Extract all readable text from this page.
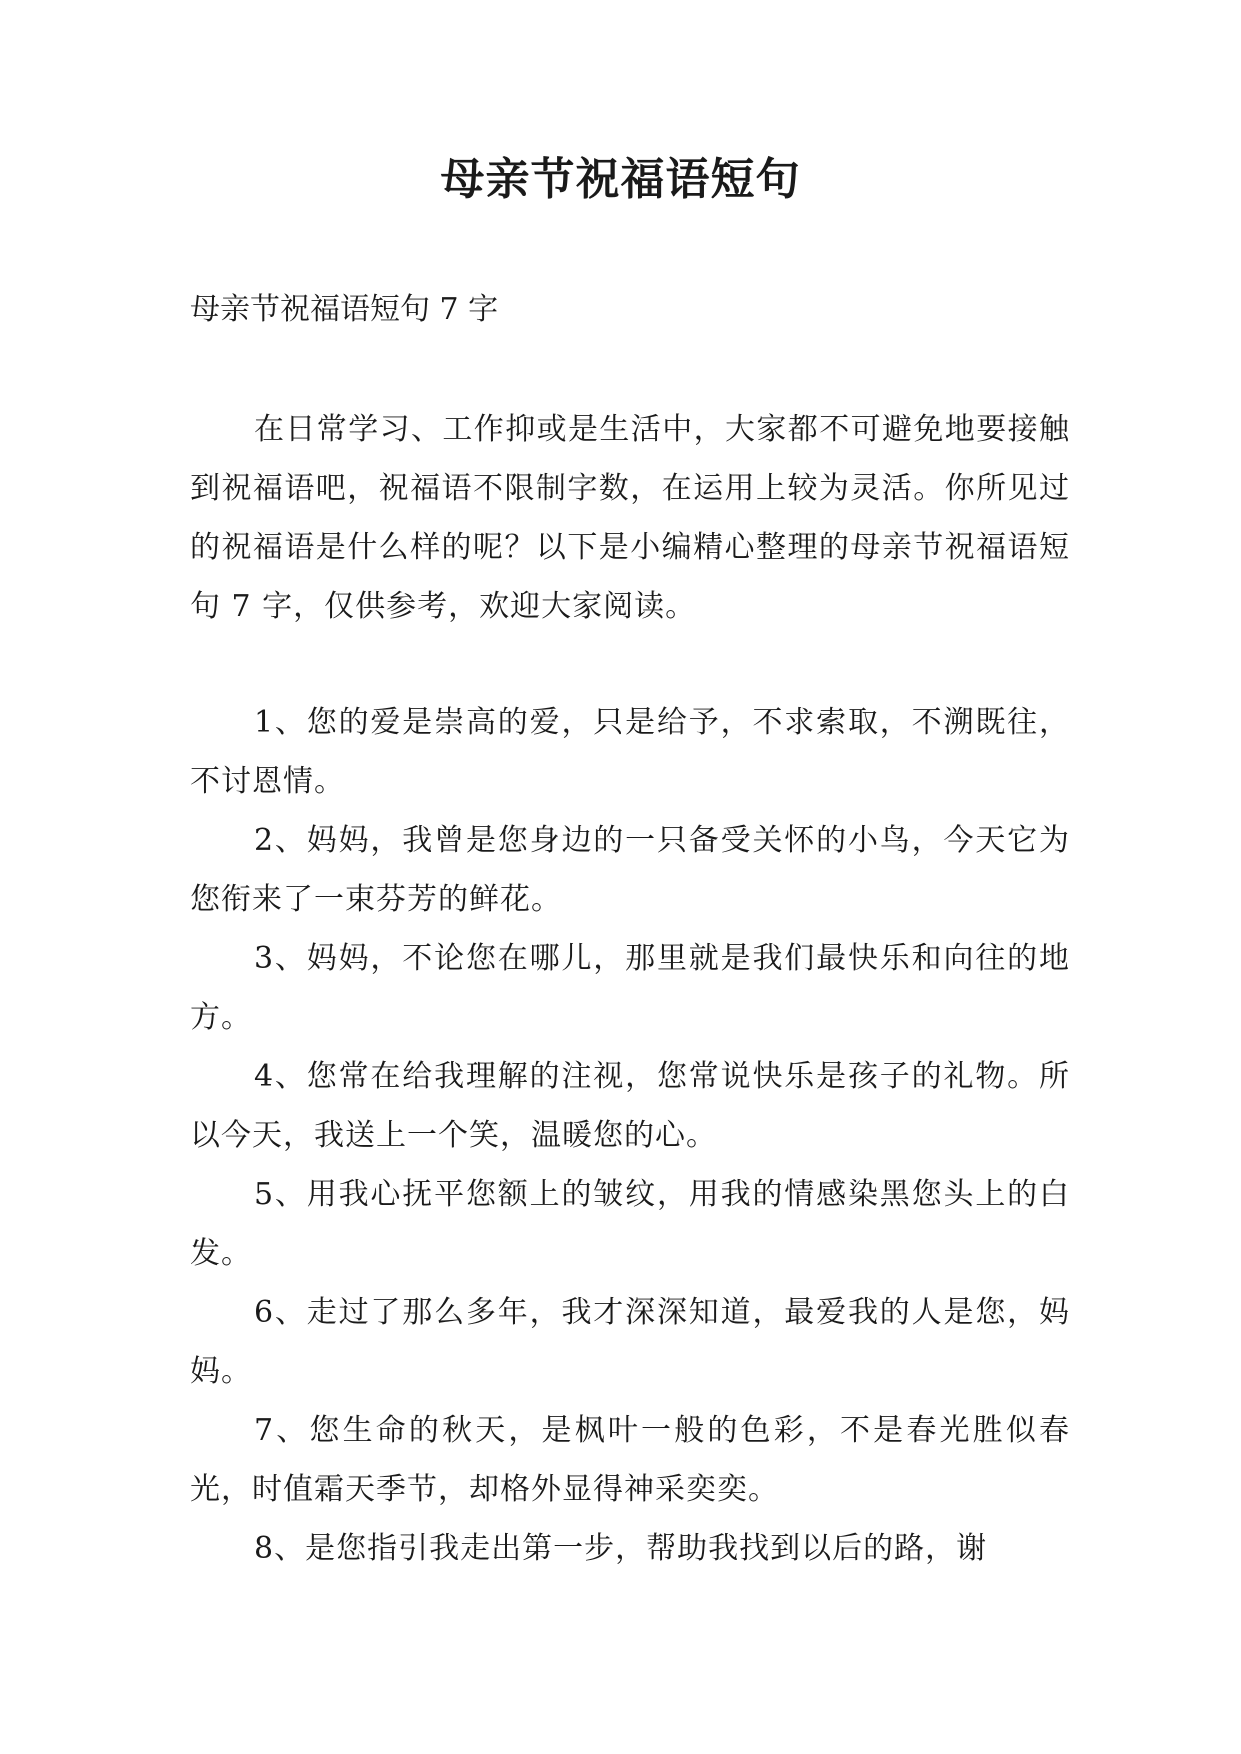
母亲节祝福语短句
母亲节祝福语短句 7 字

在日常学习、工作抑或是生活中，大家都不可避免地要接触到祝福语吧，祝福语不限制字数，在运用上较为灵活。你所见过的祝福语是什么样的呢？以下是小编精心整理的母亲节祝福语短句 7 字，仅供参考，欢迎大家阅读。

1、您的爱是崇高的爱，只是给予，不求索取，不溯既往，不讨恩情。

2、妈妈，我曾是您身边的一只备受关怀的小鸟，今天它为您衔来了一束芬芳的鲜花。

3、妈妈，不论您在哪儿，那里就是我们最快乐和向往的地方。

4、您常在给我理解的注视，您常说快乐是孩子的礼物。所以今天，我送上一个笑，温暖您的心。

5、用我心抚平您额上的皱纹，用我的情感染黑您头上的白发。

6、走过了那么多年，我才深深知道，最爱我的人是您，妈妈。

7、您生命的秋天，是枫叶一般的色彩，不是春光胜似春光，时值霜天季节，却格外显得神采奕奕。

8、是您指引我走出第一步，帮助我找到以后的路，谢
